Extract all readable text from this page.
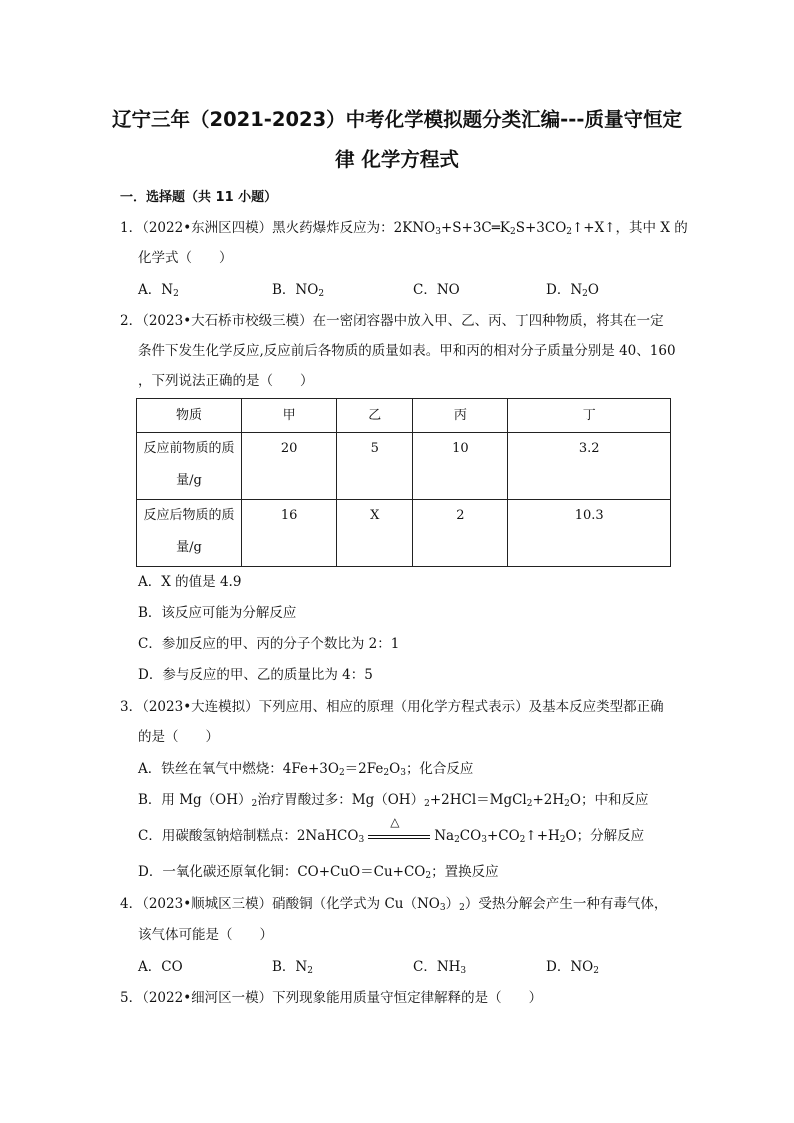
辽宁三年（2021-2023）中考化学模拟题分类汇编---质量守恒定
律 化学方程式
一．选择题（共 11 小题）
1．（2022•东洲区四模）黑火药爆炸反应为：$2KNO_3+S+3C═K_2S+3CO_2↑+X↑$，其中 X 的
化学式（　　）
A．$N_2$	B．$NO_2$	C．NO	D．$N_2O$
2．（2023•大石桥市校级三模）在一密闭容器中放入甲、乙、丙、丁四种物质，将其在一定
条件下发生化学反应,反应前后各物质的质量如表。甲和丙的相对分子质量分别是 40、160
，下列说法正确的是（　　）
物质	甲	乙	丙	丁

反应前物质的质
量/g	20	5	10	3.2

反应后物质的质
量/g	16	X	2	10.3
A．X 的值是 4.9
B．该反应可能为分解反应
C．参加反应的甲、丙的分子个数比为 2：1
D．参与反应的甲、乙的质量比为 4：5
3．（2023•大连模拟）下列应用、相应的原理（用化学方程式表示）及基本反应类型都正确
的是（　　）
A．铁丝在氧气中燃烧：$4Fe+3O_2=2Fe_2O_3$；化合反应
B．用 $Mg(OH)_2$治疗胃酸过多：$Mg(OH)_2+2HCl=MgCl_2+2H_2O$；中和反应
C．用碳酸氢钠焙制糕点：2NaHCO$_3$
△
$Na_2CO_3+CO_2↑+H_2O$；分解反应
D．一氧化碳还原氧化铜：$CO+CuO=Cu+CO_2$；置换反应
4．（2023•顺城区三模）硝酸铜（化学式为 $Cu(NO_3)_2$）受热分解会产生一种有毒气体，
该气体可能是（　　）
A．CO	B．$N_2$	C．$NH_3$	D．$NO_2$
5．（2022•细河区一模）下列现象能用质量守恒定律解释的是（　　）
